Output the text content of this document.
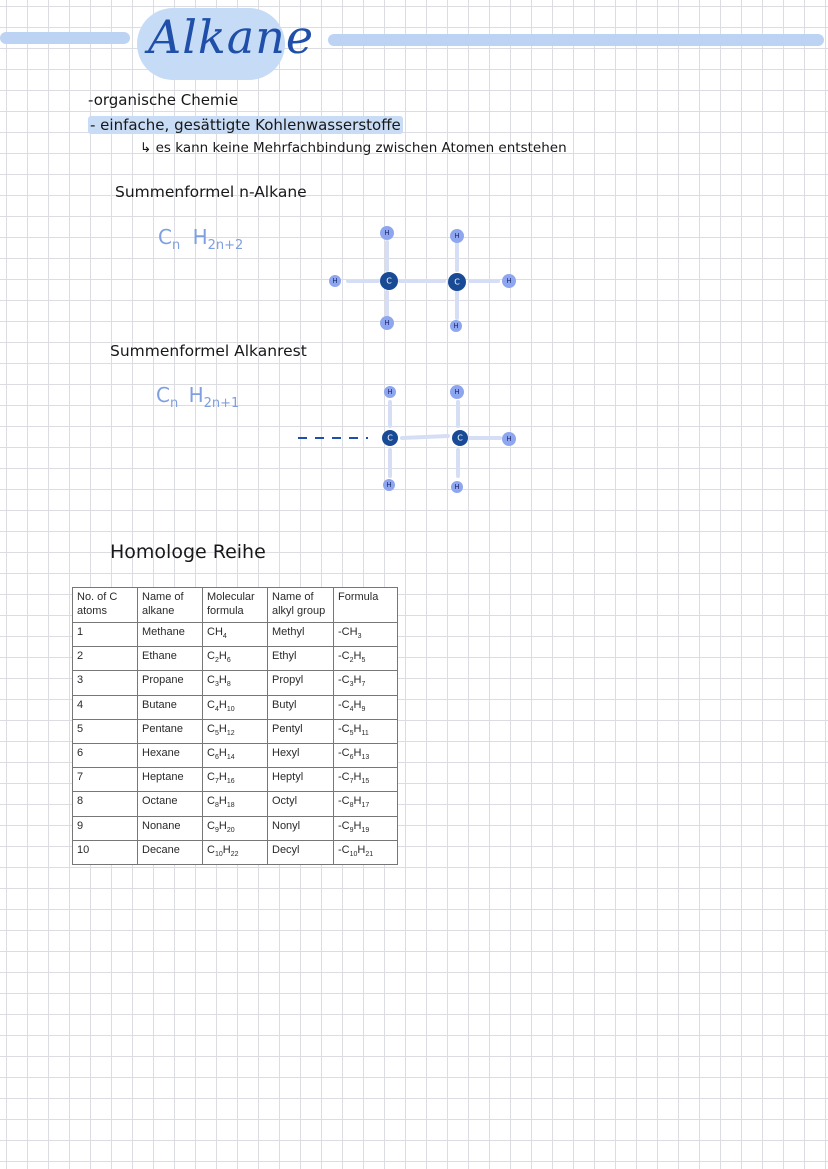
Alkane
-organische Chemie
- einfache, gesättigte Kohlenwasserstoffe
↳ es kann keine Mehrfachbindung zwischen Atomen entstehen
Summenformel n-Alkane
$C_n$ $H_{2n+2}$
H
H
C
H
H
C
H
H
Summenformel Alkanrest
$C_n$ $H_{2n+1}$
H
C
H
H
C
H
H
Homologe Reihe
No. of C atoms	Name of alkane	Molecular formula	Name of alkyl group	Formula
1	Methane	$CH_4$	Methyl	$-CH_3$
2	Ethane	$C_2H_6$	Ethyl	$-C_2H_5$
3	Propane	$C_3H_8$	Propyl	$-C_3H_7$
4	Butane	$C_4H_{10}$	Butyl	$-C_4H_9$
5	Pentane	$C_5H_{12}$	Pentyl	$-C_5H_{11}$
6	Hexane	$C_6H_{14}$	Hexyl	$-C_6H_{13}$
7	Heptane	$C_7H_{16}$	Heptyl	$-C_7H_{15}$
8	Octane	$C_8H_{18}$	Octyl	$-C_8H_{17}$
9	Nonane	$C_9H_{20}$	Nonyl	$-C_9H_{19}$
10	Decane	$C_{10}H_{22}$	Decyl	$-C_{10}H_{21}$
